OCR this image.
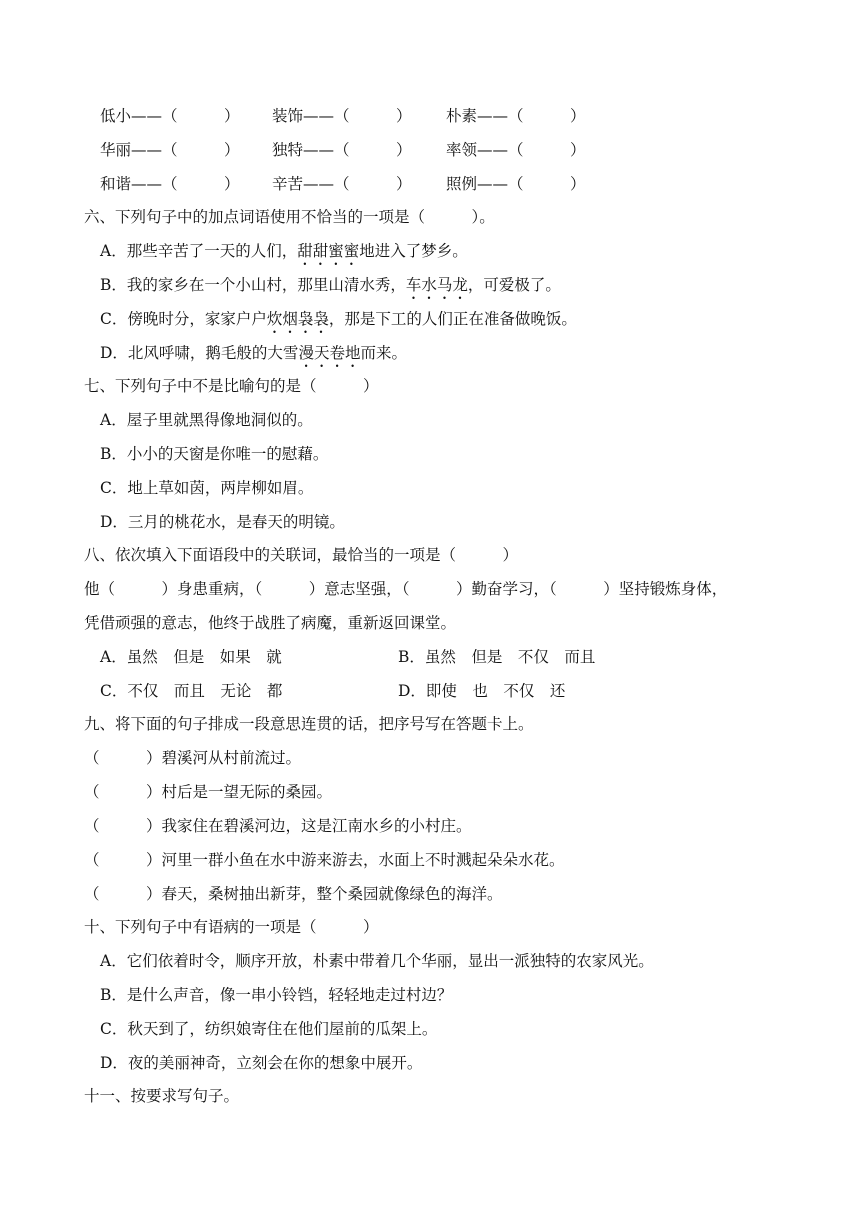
低小——（　　　） 装饰——（　　　） 朴素——（　　　）
华丽——（　　　） 独特——（　　　） 率领——（　　　）
和谐——（　　　） 辛苦——（　　　） 照例——（　　　）
六、下列句子中的加点词语使用不恰当的一项是（　　　）。
A．那些辛苦了一天的人们，甜甜蜜蜜地进入了梦乡。
B．我的家乡在一个小山村，那里山清水秀，车水马龙，可爱极了。
C．傍晚时分，家家户户炊烟袅袅，那是下工的人们正在准备做晚饭。
D．北风呼啸，鹅毛般的大雪漫天卷地而来。
七、下列句子中不是比喻句的是（　　　）
A．屋子里就黑得像地洞似的。
B．小小的天窗是你唯一的慰藉。
C．地上草如茵，两岸柳如眉。
D．三月的桃花水，是春天的明镜。
八、依次填入下面语段中的关联词，最恰当的一项是（　　　）
他（　　　）身患重病，（　　　）意志坚强，（　　　）勤奋学习，（　　　）坚持锻炼身体，
凭借顽强的意志，他终于战胜了病魔，重新返回课堂。
A．虽然　但是　如果　就	B．虽然　但是　不仅　而且
C．不仅　而且　无论　都	D．即使　也　不仅　还
九、将下面的句子排成一段意思连贯的话，把序号写在答题卡上。
（　　　）碧溪河从村前流过。
（　　　）村后是一望无际的桑园。
（　　　）我家住在碧溪河边，这是江南水乡的小村庄。
（　　　）河里一群小鱼在水中游来游去，水面上不时溅起朵朵水花。
（　　　）春天，桑树抽出新芽，整个桑园就像绿色的海洋。
十、下列句子中有语病的一项是（　　　）
A．它们依着时令，顺序开放，朴素中带着几个华丽，显出一派独特的农家风光。
B．是什么声音，像一串小铃铛，轻轻地走过村边？
C．秋天到了，纺织娘寄住在他们屋前的瓜架上。
D．夜的美丽神奇，立刻会在你的想象中展开。
十一、按要求写句子。
